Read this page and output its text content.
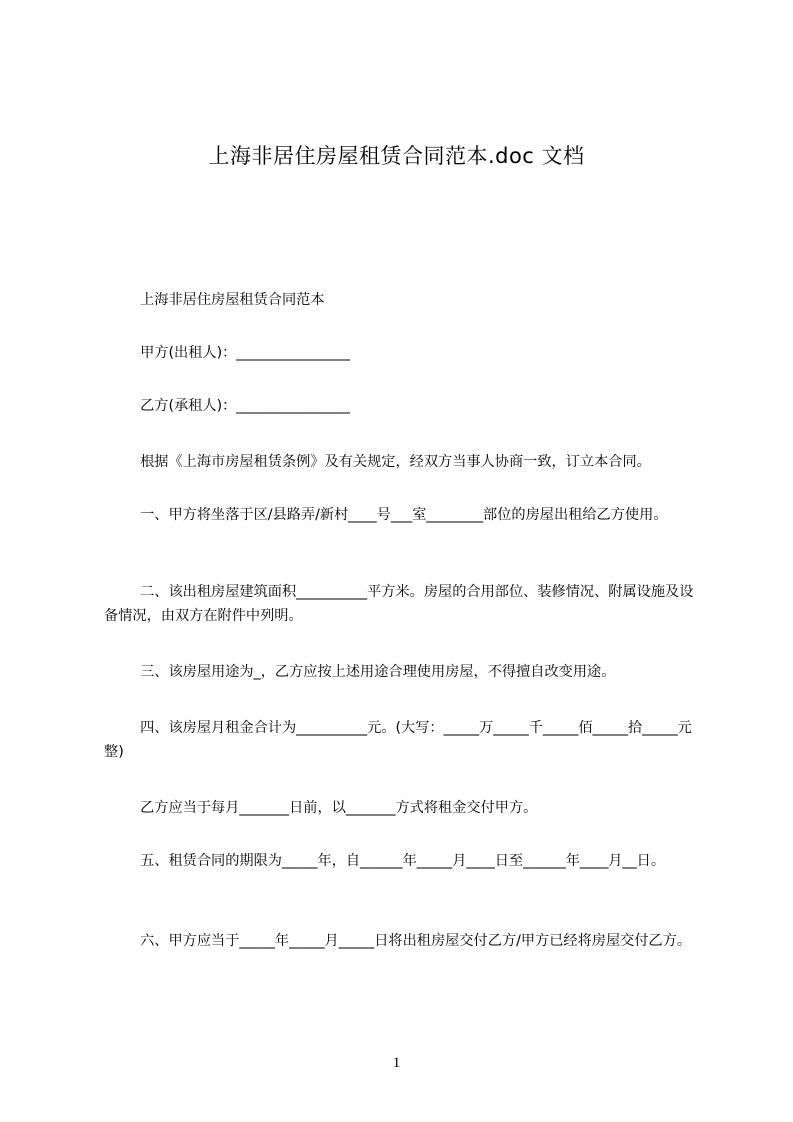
上海非居住房屋租赁合同范本.doc 文档
上海非居住房屋租赁合同范本
甲方(出租人)：________________
乙方(承租人)：________________
根据《上海市房屋租赁条例》及有关规定，经双方当事人协商一致，订立本合同。
一、甲方将坐落于区/县路弄/新村____号___室________部位的房屋出租给乙方使用。
二、该出租房屋建筑面积__________平方米。房屋的合用部位、装修情况、附属设施及设备情况，由双方在附件中列明。
三、该房屋用途为_，乙方应按上述用途合理使用房屋，不得擅自改变用途。
四、该房屋月租金合计为__________元。(大写：_____万_____千_____佰_____拾_____元整)
乙方应当于每月_______日前，以_______方式将租金交付甲方。
五、租赁合同的期限为_____年，自______年_____月____日至______年____月__日。
六、甲方应当于_____年_____月_____日将出租房屋交付乙方/甲方已经将房屋交付乙方。
1
